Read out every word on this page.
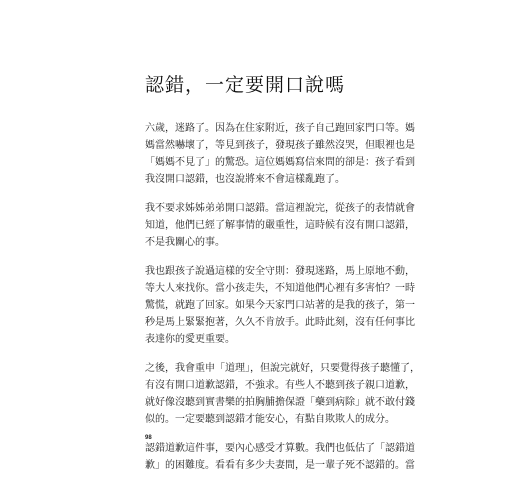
認錯，一定要開口說嗎

六歲，迷路了。因為在住家附近，孩子自己跑回家門口等。媽
媽當然嚇壞了，等見到孩子，發現孩子雖然沒哭，但眼裡也是
「媽媽不見了」的驚恐。這位媽媽寫信來問的卻是：孩子看到
我沒開口認錯，也沒說將來不會這樣亂跑了。

我不要求姊姊弟弟開口認錯。當這裡說完，從孩子的表情就會
知道，他們已經了解事情的嚴重性，這時候有沒有開口認錯，
不是我關心的事。

我也跟孩子說過這樣的安全守則：發現迷路，馬上原地不動，
等大人來找你。當小孩走失，不知道他們心裡有多害怕？一時
驚慌，就跑了回家。如果今天家門口站著的是我的孩子，第一
秒是馬上緊緊抱著，久久不肯放手。此時此刻，沒有任何事比
表達你的愛更重要。

之後，我會重申「道理」，但說完就好，只要覺得孩子聽懂了，
有沒有開口道歉認錯，不強求。有些人不聽到孩子親口道歉，
就好像沒聽到實書樂的拍胸脯擔保證「藥到病除」就不敢付錢
似的。一定要聽到認錯才能安心，有點自欺欺人的成分。

認錯道歉這件事，要內心感受才算數。我們也低估了「認錯道
歉」的困難度。看看有多少夫妻間，是一輩子死不認錯的。當

98
